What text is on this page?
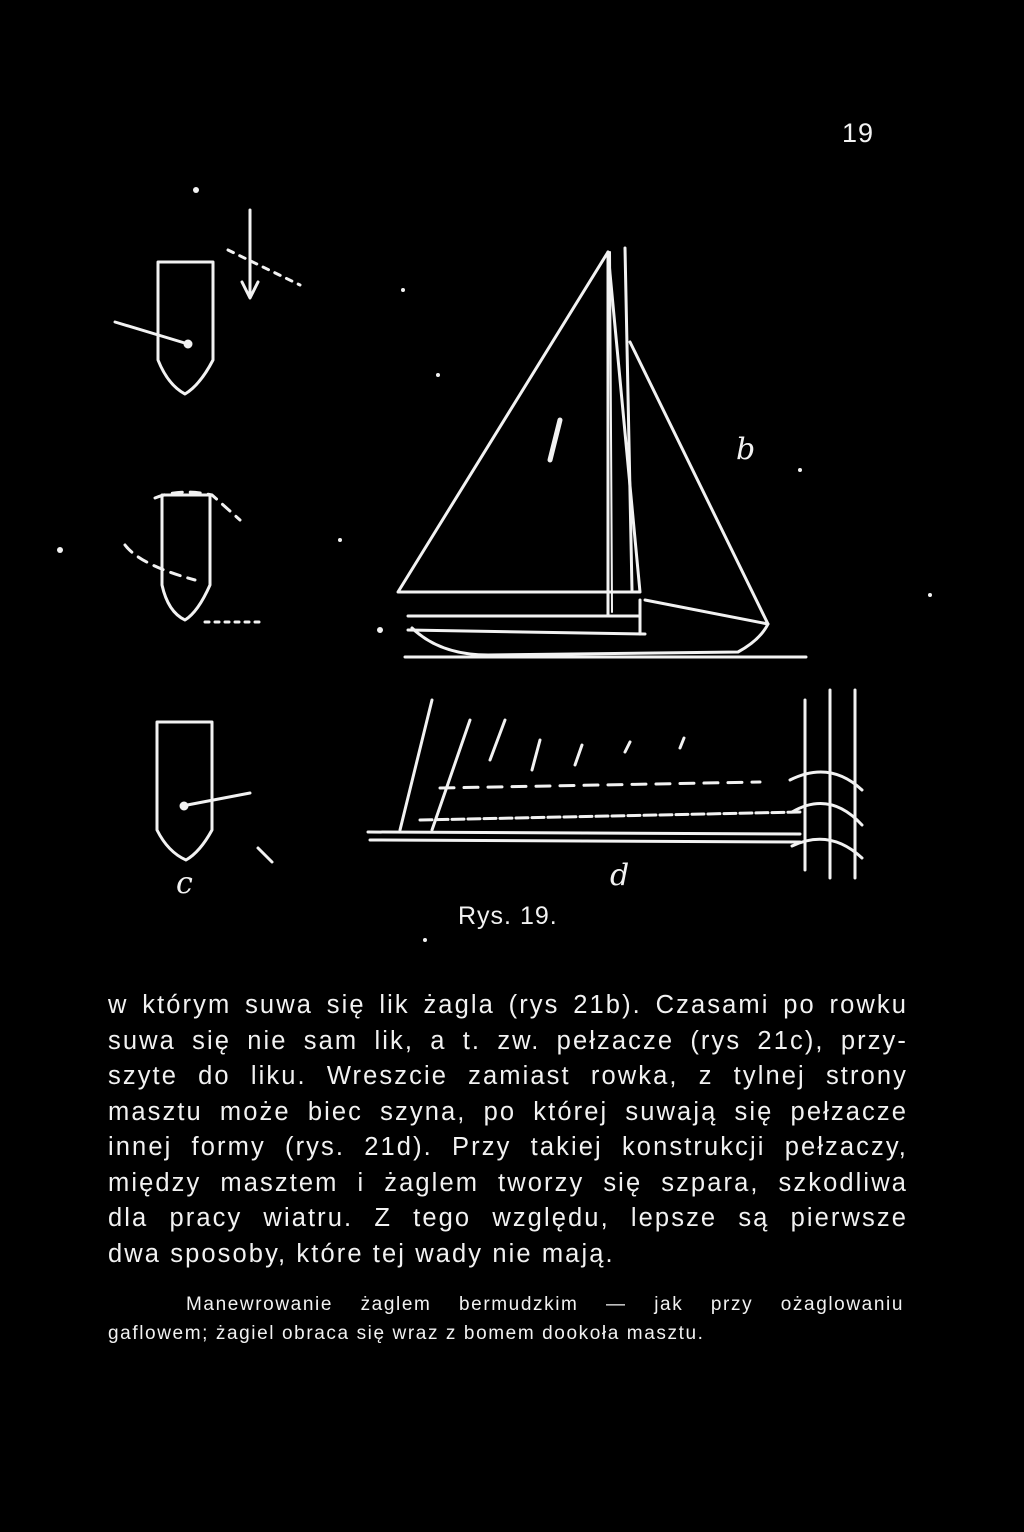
19
c
b
d
Rys. 19.

w którym suwa się lik żagla (rys 21b). Czasami po rowku

suwa się nie sam lik, a t. zw. pełzacze (rys 21c), przy-

szyte do liku. Wreszcie zamiast rowka, z tylnej strony

masztu może biec szyna, po której suwają się pełzacze

innej formy (rys. 21d). Przy takiej konstrukcji pełzaczy,

między masztem i żaglem tworzy się szpara, szkodliwa

dla pracy wiatru. Z tego względu, lepsze są pierwsze

dwa sposoby, które tej wady nie mają.

Manewrowanie żaglem bermudzkim — jak przy ożaglowaniu

gaflowem; żagiel obraca się wraz z bomem dookoła masztu.
